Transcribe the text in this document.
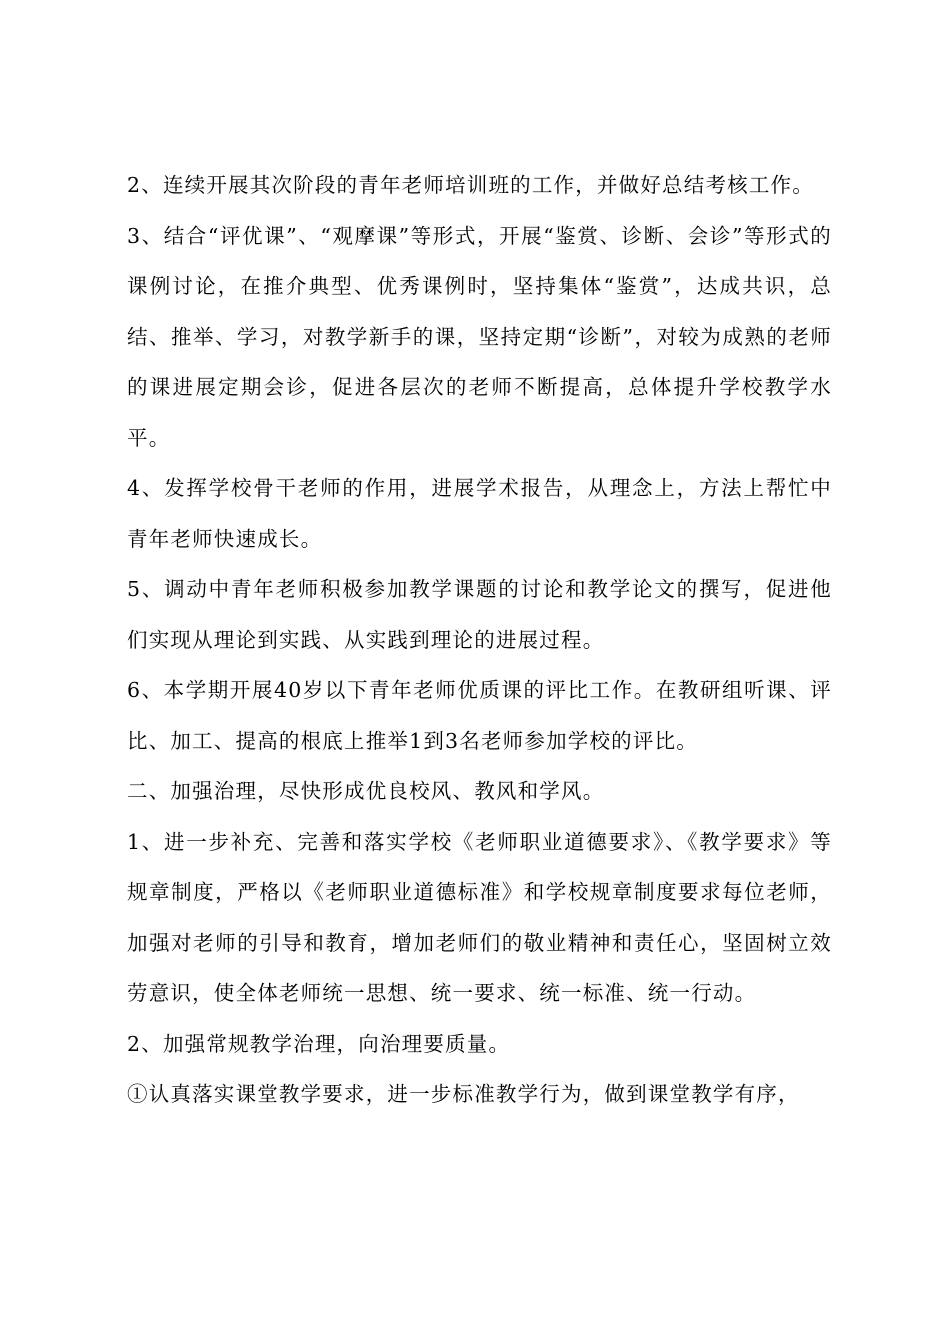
2、连续开展其次阶段的青年老师培训班的工作，并做好总结考核工作。

3、结合“评优课”、“观摩课”等形式，开展“鉴赏、诊断、会诊”等形式的课例讨论，在推介典型、优秀课例时，坚持集体“鉴赏”，达成共识，总结、推举、学习，对教学新手的课，坚持定期“诊断”，对较为成熟的老师的课进展定期会诊，促进各层次的老师不断提高，总体提升学校教学水平。

4、发挥学校骨干老师的作用，进展学术报告，从理念上，方法上帮忙中青年老师快速成长。

5、调动中青年老师积极参加教学课题的讨论和教学论文的撰写，促进他们实现从理论到实践、从实践到理论的进展过程。

6、本学期开展40岁以下青年老师优质课的评比工作。在教研组听课、评比、加工、提高的根底上推举1到3名老师参加学校的评比。

二、加强治理，尽快形成优良校风、教风和学风。

1、进一步补充、完善和落实学校《老师职业道德要求》、《教学要求》等规章制度，严格以《老师职业道德标准》和学校规章制度要求每位老师，加强对老师的引导和教育，增加老师们的敬业精神和责任心，坚固树立效劳意识，使全体老师统一思想、统一要求、统一标准、统一行动。

2、加强常规教学治理，向治理要质量。

①认真落实课堂教学要求，进一步标准教学行为，做到课堂教学有序，
